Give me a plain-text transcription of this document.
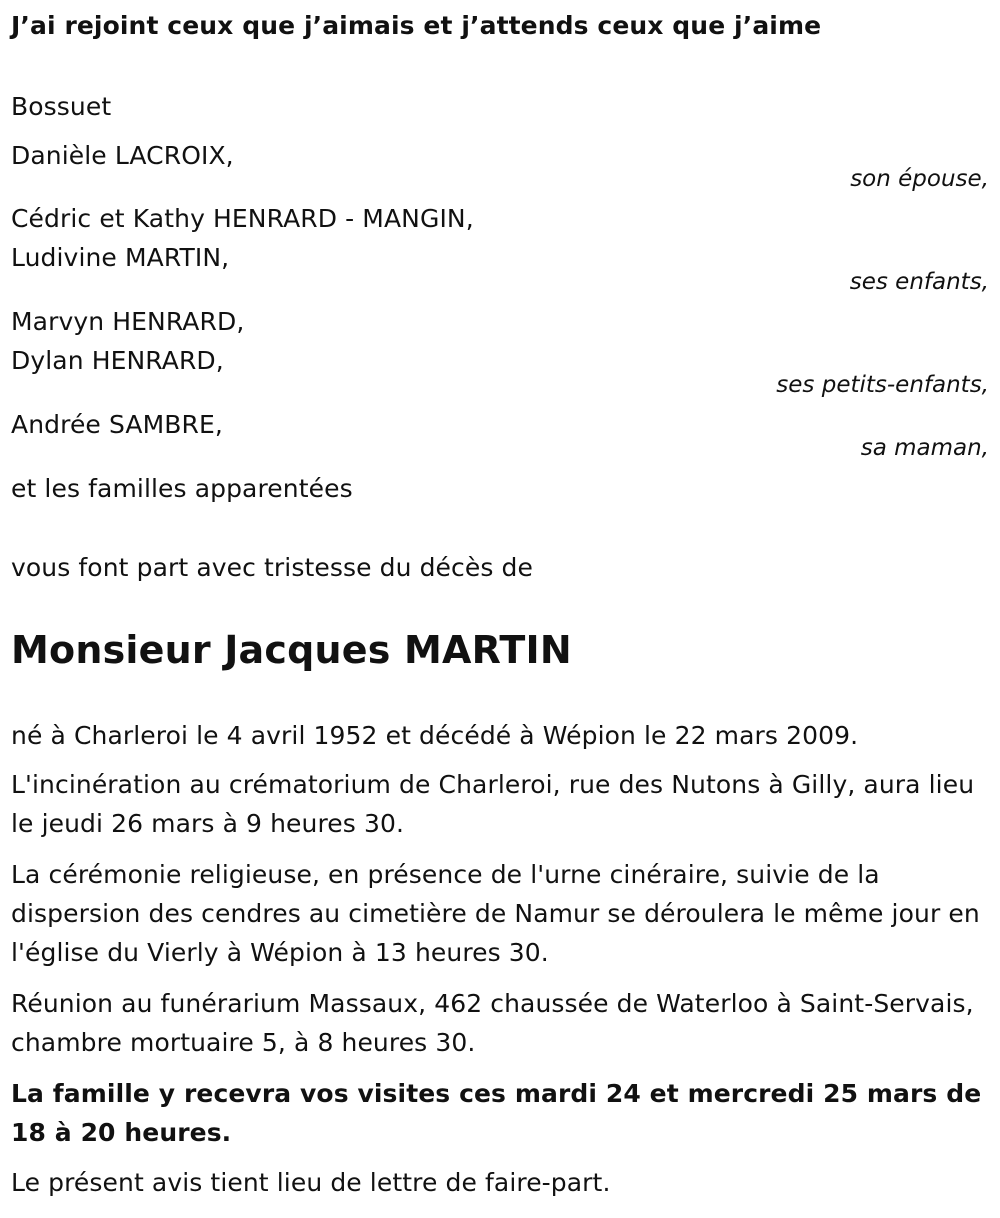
J’ai rejoint ceux que j’aimais et j’attends ceux que j’aime
Bossuet
Danièle LACROIX,
son épouse,
Cédric et Kathy HENRARD - MANGIN,
Ludivine MARTIN,
ses enfants,
Marvyn HENRARD,
Dylan HENRARD,
ses petits-enfants,
Andrée SAMBRE,
sa maman,
et les familles apparentées
vous font part avec tristesse du décès de
Monsieur Jacques MARTIN
né à Charleroi le 4 avril 1952 et décédé à Wépion le 22 mars 2009.
L'incinération au crématorium de Charleroi, rue des Nutons à Gilly, aura lieu le jeudi 26 mars à 9 heures 30.
La cérémonie religieuse, en présence de l'urne cinéraire, suivie de la dispersion des cendres au cimetière de Namur se déroulera le même jour en l'église du Vierly à Wépion à 13 heures 30.
Réunion au funérarium Massaux, 462 chaussée de Waterloo à Saint-Servais, chambre mortuaire 5, à 8 heures 30.
La famille y recevra vos visites ces mardi 24 et mercredi 25 mars de 18 à 20 heures.
Le présent avis tient lieu de lettre de faire-part.
